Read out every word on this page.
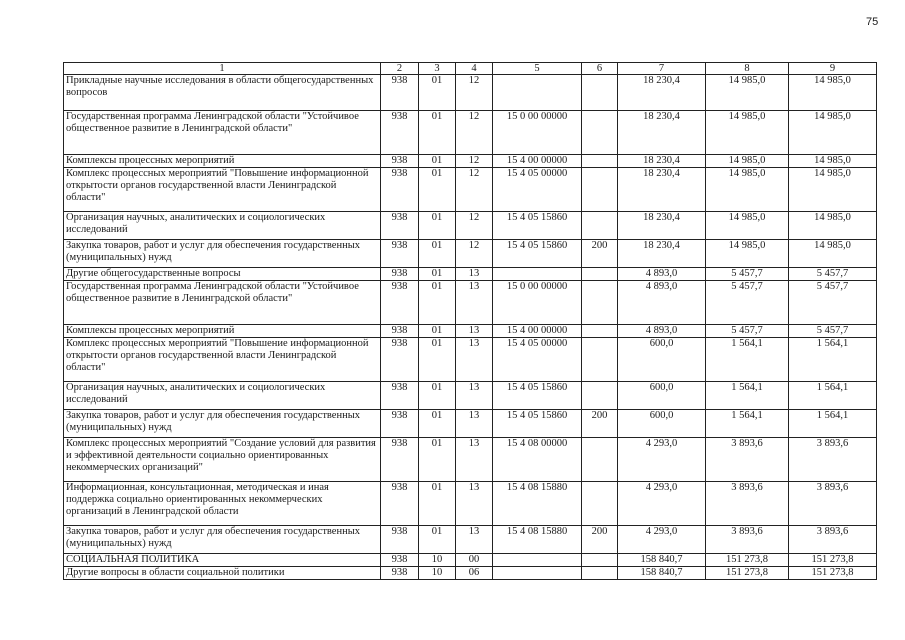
75
1	2	3	4	5	6	7	8	9
Прикладные научные исследования в области общегосударственных вопросов	938	01	12			18 230,4	14 985,0	14 985,0
Государственная программа Ленинградской области "Устойчивое общественное развитие в Ленинградской области"	938	01	12	15 0 00 00000		18 230,4	14 985,0	14 985,0
Комплексы процессных мероприятий	938	01	12	15 4 00 00000		18 230,4	14 985,0	14 985,0
Комплекс процессных мероприятий "Повышение информационной открытости органов государственной власти Ленинградской области"	938	01	12	15 4 05 00000		18 230,4	14 985,0	14 985,0
Организация научных, аналитических и социологических исследований	938	01	12	15 4 05 15860		18 230,4	14 985,0	14 985,0
Закупка товаров, работ и услуг для обеспечения государственных (муниципальных) нужд	938	01	12	15 4 05 15860	200	18 230,4	14 985,0	14 985,0
Другие общегосударственные вопросы	938	01	13			4 893,0	5 457,7	5 457,7
Государственная программа Ленинградской области "Устойчивое общественное развитие в Ленинградской области"	938	01	13	15 0 00 00000		4 893,0	5 457,7	5 457,7
Комплексы процессных мероприятий	938	01	13	15 4 00 00000		4 893,0	5 457,7	5 457,7
Комплекс процессных мероприятий "Повышение информационной открытости органов государственной власти Ленинградской области"	938	01	13	15 4 05 00000		600,0	1 564,1	1 564,1
Организация научных, аналитических и социологических исследований	938	01	13	15 4 05 15860		600,0	1 564,1	1 564,1
Закупка товаров, работ и услуг для обеспечения государственных (муниципальных) нужд	938	01	13	15 4 05 15860	200	600,0	1 564,1	1 564,1
Комплекс процессных мероприятий "Создание условий для развития и эффективной деятельности социально ориентированных некоммерческих организаций"	938	01	13	15 4 08 00000		4 293,0	3 893,6	3 893,6
Информационная, консультационная, методическая и иная поддержка социально ориентированных некоммерческих организаций в Ленинградской области	938	01	13	15 4 08 15880		4 293,0	3 893,6	3 893,6
Закупка товаров, работ и услуг для обеспечения государственных (муниципальных) нужд	938	01	13	15 4 08 15880	200	4 293,0	3 893,6	3 893,6
СОЦИАЛЬНАЯ ПОЛИТИКА	938	10	00			158 840,7	151 273,8	151 273,8
Другие вопросы в области социальной политики	938	10	06			158 840,7	151 273,8	151 273,8
